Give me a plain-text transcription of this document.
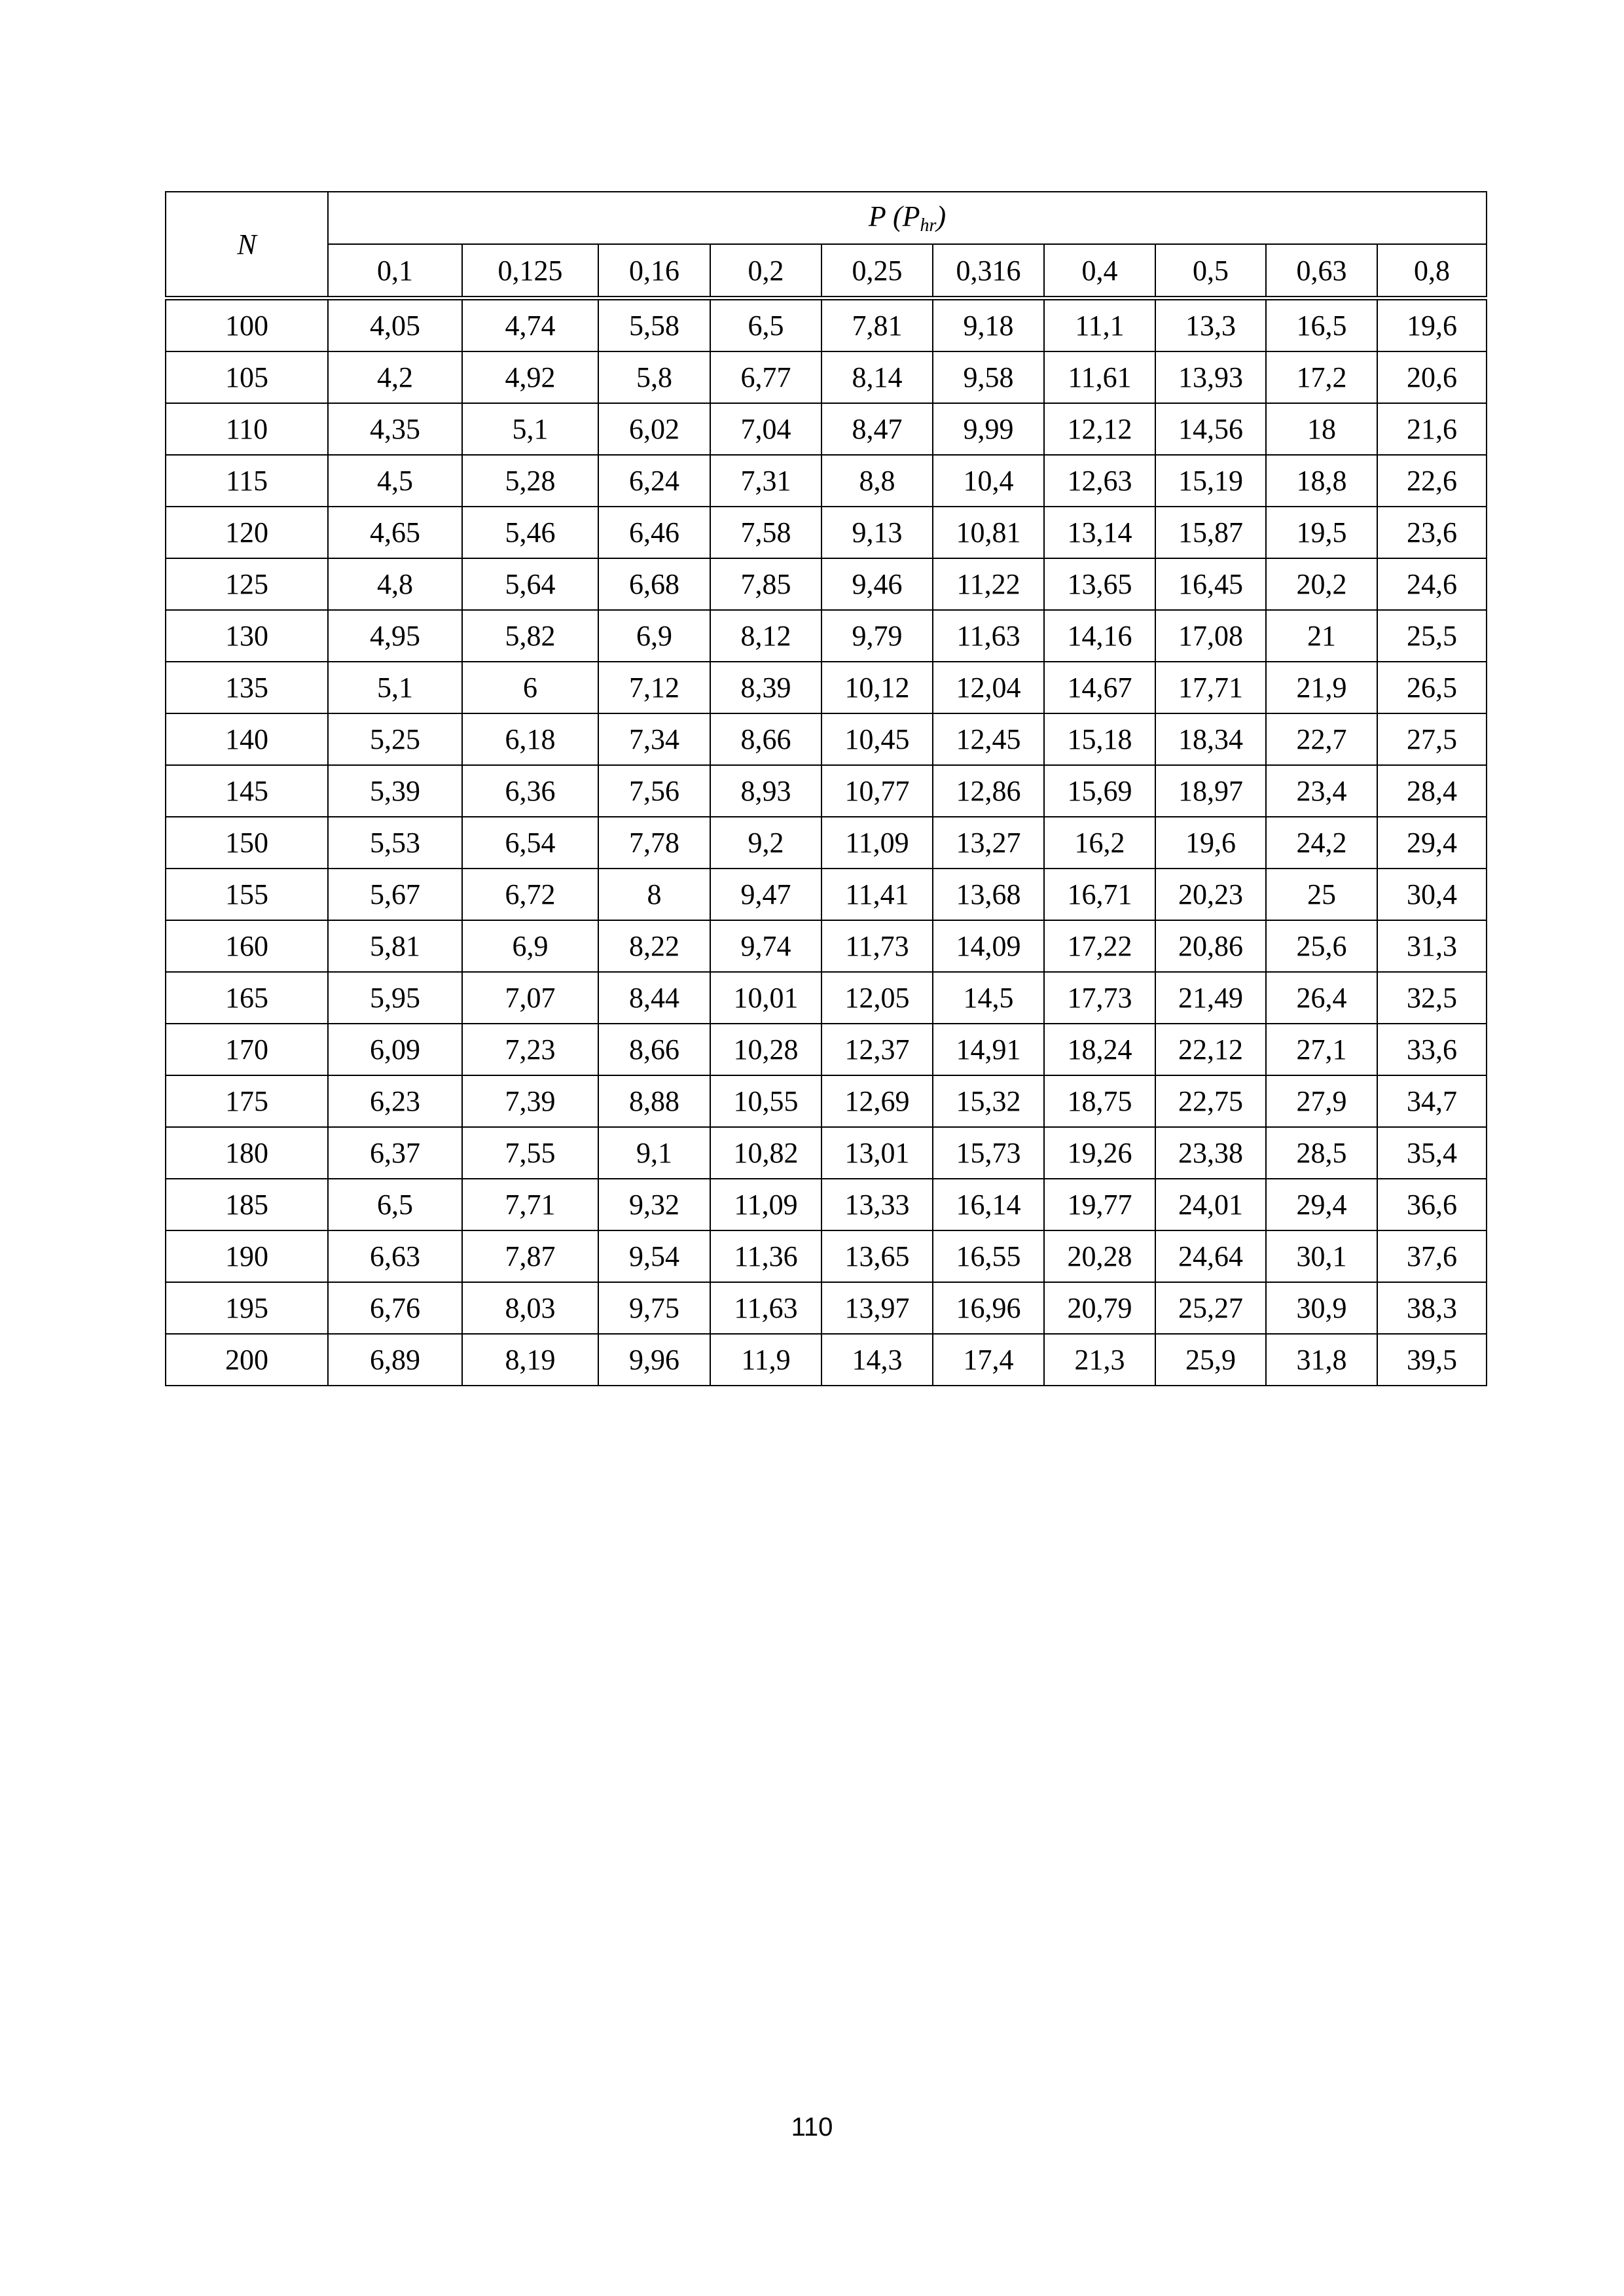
N	P $(P_{hr})$									
	0,1	0,125	0,16	0,2	0,25	0,316	0,4	0,5	0,63	0,8
100	4,05	4,74	5,58	6,5	7,81	9,18	11,1	13,3	16,5	19,6
105	4,2	4,92	5,8	6,77	8,14	9,58	11,61	13,93	17,2	20,6
110	4,35	5,1	6,02	7,04	8,47	9,99	12,12	14,56	18	21,6
115	4,5	5,28	6,24	7,31	8,8	10,4	12,63	15,19	18,8	22,6
120	4,65	5,46	6,46	7,58	9,13	10,81	13,14	15,87	19,5	23,6
125	4,8	5,64	6,68	7,85	9,46	11,22	13,65	16,45	20,2	24,6
130	4,95	5,82	6,9	8,12	9,79	11,63	14,16	17,08	21	25,5
135	5,1	6	7,12	8,39	10,12	12,04	14,67	17,71	21,9	26,5
140	5,25	6,18	7,34	8,66	10,45	12,45	15,18	18,34	22,7	27,5
145	5,39	6,36	7,56	8,93	10,77	12,86	15,69	18,97	23,4	28,4
150	5,53	6,54	7,78	9,2	11,09	13,27	16,2	19,6	24,2	29,4
155	5,67	6,72	8	9,47	11,41	13,68	16,71	20,23	25	30,4
160	5,81	6,9	8,22	9,74	11,73	14,09	17,22	20,86	25,6	31,3
165	5,95	7,07	8,44	10,01	12,05	14,5	17,73	21,49	26,4	32,5
170	6,09	7,23	8,66	10,28	12,37	14,91	18,24	22,12	27,1	33,6
175	6,23	7,39	8,88	10,55	12,69	15,32	18,75	22,75	27,9	34,7
180	6,37	7,55	9,1	10,82	13,01	15,73	19,26	23,38	28,5	35,4
185	6,5	7,71	9,32	11,09	13,33	16,14	19,77	24,01	29,4	36,6
190	6,63	7,87	9,54	11,36	13,65	16,55	20,28	24,64	30,1	37,6
195	6,76	8,03	9,75	11,63	13,97	16,96	20,79	25,27	30,9	38,3
200	6,89	8,19	9,96	11,9	14,3	17,4	21,3	25,9	31,8	39,5
110
